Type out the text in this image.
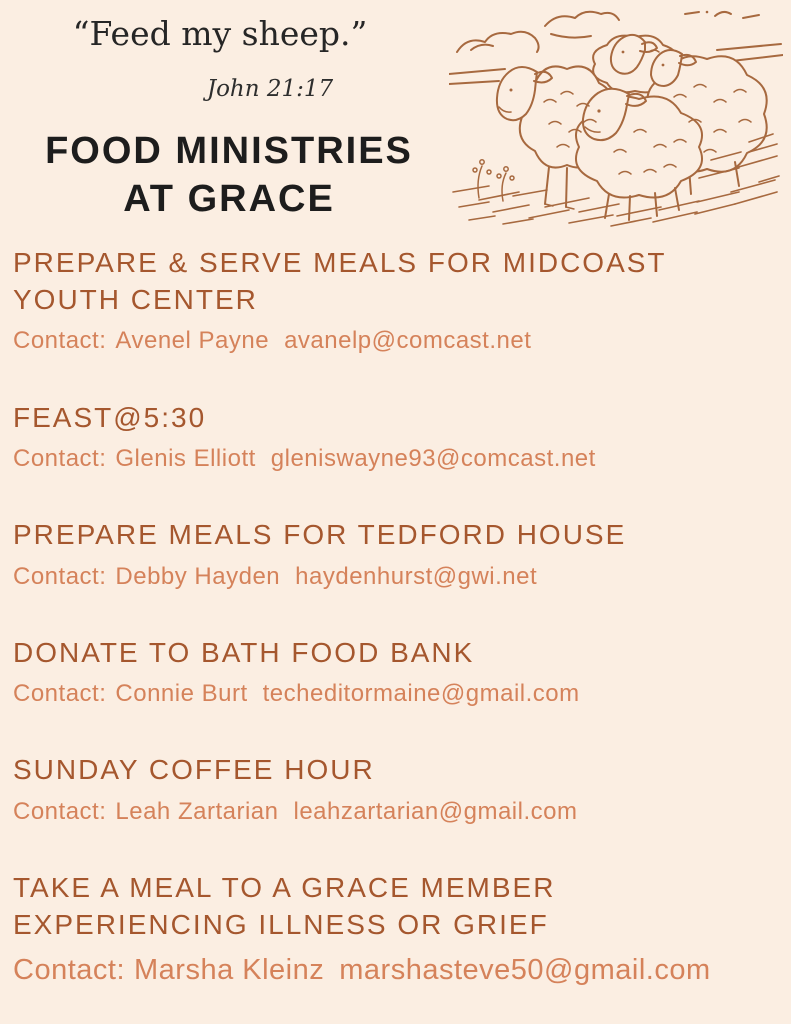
“Feed my sheep.”
John 21:17
FOOD MINISTRIES
AT GRACE
PREPARE & SERVE MEALS FOR MIDCOAST YOUTH CENTER
Contact: Avenel Payne avanelp@comcast.net
FEAST@5:30
Contact: Glenis Elliott gleniswayne93@comcast.net
PREPARE MEALS FOR TEDFORD HOUSE
Contact: Debby Hayden haydenhurst@gwi.net
DONATE TO BATH FOOD BANK
Contact: Connie Burt techeditormaine@gmail.com
SUNDAY COFFEE HOUR
Contact: Leah Zartarian leahzartarian@gmail.com
TAKE A MEAL TO A GRACE MEMBER EXPERIENCING ILLNESS OR GRIEF
Contact: Marsha Kleinz marshasteve50@gmail.com
